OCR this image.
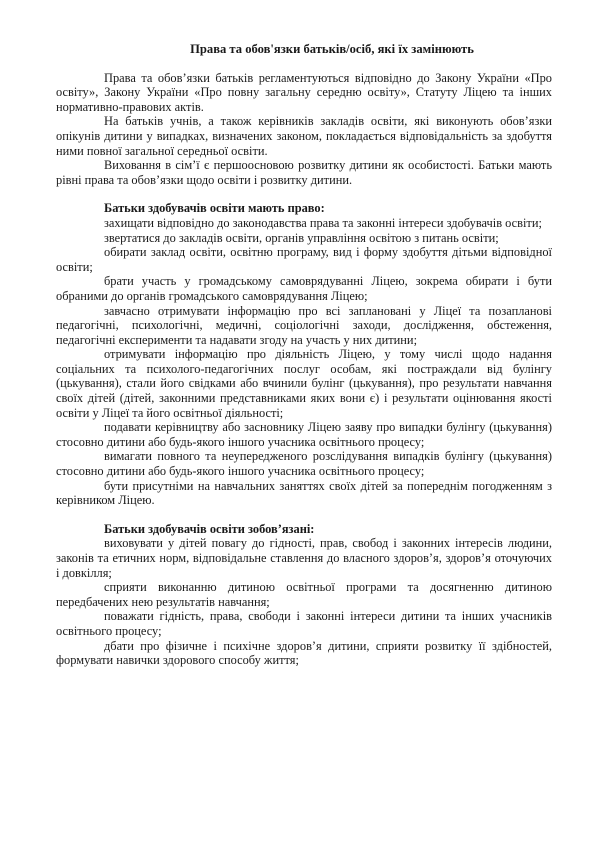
Права та обов'язки батьків/осіб, які їх замінюють

Права та обов’язки батьків регламентуються відповідно до Закону України «Про освіту», Закону України «Про повну загальну середню освіту», Статуту Ліцею та інших нормативно-правових актів.

На батьків учнів, а також керівників закладів освіти, які виконують обов’язки опікунів дитини у випадках, визначених законом, покладається відповідальність за здобуття ними повної загальної середньої освіти.

Виховання в сім’ї є першоосновою розвитку дитини як особистості. Батьки мають рівні права та обов’язки щодо освіти і розвитку дитини.

Батьки здобувачів освіти мають право:

захищати відповідно до законодавства права та законні інтереси здобувачів освіти;

звертатися до закладів освіти, органів управління освітою з питань освіти;

обирати заклад освіти, освітню програму, вид і форму здобуття дітьми відповідної освіти;

брати участь у громадському самоврядуванні Ліцею, зокрема обирати і бути обраними до органів громадського самоврядування Ліцею;

завчасно отримувати інформацію про всі заплановані у Ліцеї та позапланові педагогічні, психологічні, медичні, соціологічні заходи, дослідження, обстеження, педагогічні експерименти та надавати згоду на участь у них дитини;

отримувати інформацію про діяльність Ліцею, у тому числі щодо надання соціальних та психолого-педагогічних послуг особам, які постраждали від булінгу (цькування), стали його свідками або вчинили булінг (цькування), про результати навчання своїх дітей (дітей, законними представниками яких вони є) і результати оцінювання якості освіти у Ліцеї та його освітньої діяльності;

подавати керівництву або засновнику Ліцею заяву про випадки булінгу (цькування) стосовно дитини або будь-якого іншого учасника освітнього процесу;

вимагати повного та неупередженого розслідування випадків булінгу (цькування) стосовно дитини або будь-якого іншого учасника освітнього процесу;

бути присутніми на навчальних заняттях своїх дітей за попереднім погодженням з керівником Ліцею.

Батьки здобувачів освіти зобов’язані:

виховувати у дітей повагу до гідності, прав, свобод і законних інтересів людини, законів та етичних норм, відповідальне ставлення до власного здоров’я, здоров’я оточуючих і довкілля;

сприяти виконанню дитиною освітньої програми та досягненню дитиною передбачених нею результатів навчання;

поважати гідність, права, свободи і законні інтереси дитини та інших учасників освітнього процесу;

дбати про фізичне і психічне здоров’я дитини, сприяти розвитку її здібностей, формувати навички здорового способу життя;
